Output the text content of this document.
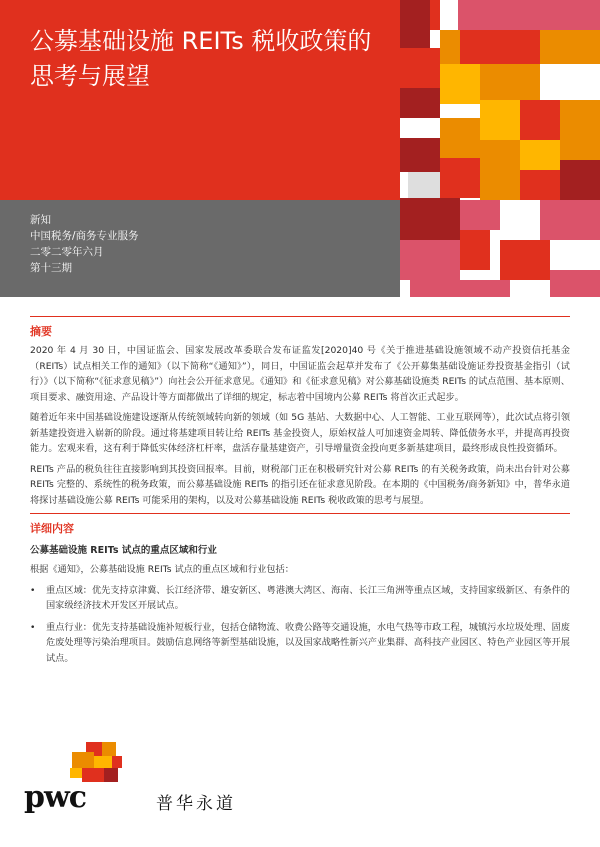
公募基础设施 REITs 税收政策的思考与展望
新知
中国税务/商务专业服务
二零二零年六月
第十三期
摘要

2020 年 4 月 30 日，中国证监会、国家发展改革委联合发布证监发[2020]40 号《关于推进基础设施领域不动产投资信托基金（REITs）试点相关工作的通知》（以下简称“《通知》”），同日，中国证监会起草并发布了《公开募集基础设施证券投资基金指引（试行）》（以下简称“《征求意见稿》”）向社会公开征求意见。《通知》和《征求意见稿》对公募基础设施类 REITs 的试点范围、基本原则、项目要求、融资用途、产品设计等方面都做出了详细的规定，标志着中国境内公募 REITs 将首次正式起步。

随着近年来中国基础设施建设逐渐从传统领域转向新的领域（如 5G 基站、大数据中心、人工智能、工业互联网等），此次试点将引领新基建投资进入崭新的阶段。通过将基建项目转让给 REITs 基金投资人，原始权益人可加速资金周转、降低债务水平，并提高再投资能力。宏观来看，这有利于降低实体经济杠杆率，盘活存量基建资产，引导增量资金投向更多新基建项目，最终形成良性投资循环。

REITs 产品的税负往往直接影响到其投资回报率。目前，财税部门正在积极研究针对公募 REITs 的有关税务政策，尚未出台针对公募 REITs 完整的、系统性的税务政策，而公募基础设施 REITs 的指引还在征求意见阶段。在本期的《中国税务/商务新知》中，普华永道将探讨基础设施公募 REITs 可能采用的架构，以及对公募基础设施 REITs 税收政策的思考与展望。

详细内容
公募基础设施 REITs 试点的重点区域和行业

根据《通知》，公募基础设施 REITs 试点的重点区域和行业包括：

• 重点区域：优先支持京津冀、长江经济带、雄安新区、粤港澳大湾区、海南、长江三角洲等重点区域，支持国家级新区、有条件的国家级经济技术开发区开展试点。
• 重点行业：优先支持基础设施补短板行业，包括仓储物流、收费公路等交通设施，水电气热等市政工程，城镇污水垃圾处理、固废危废处理等污染治理项目。鼓励信息网络等新型基础设施，以及国家战略性新兴产业集群、高科技产业园区、特色产业园区等开展试点。
pwc	普华永道
